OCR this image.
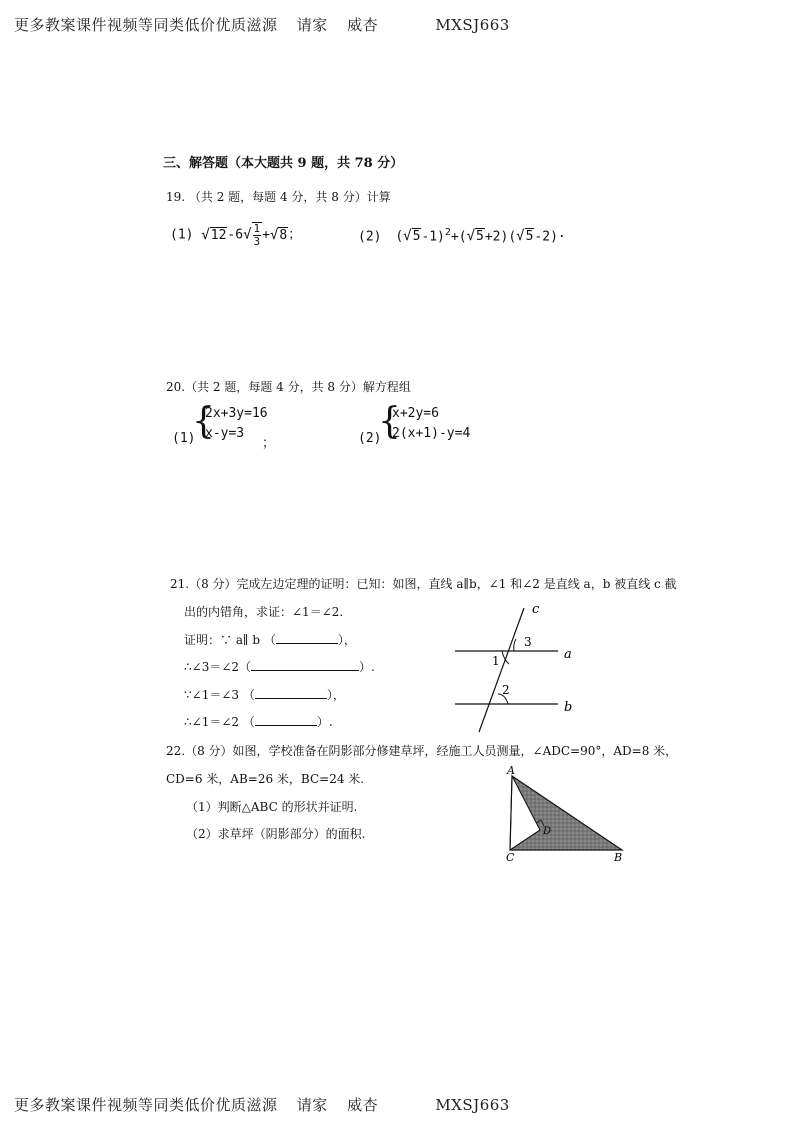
更多教案课件视频等同类低价优质滋源 请家 威杏	MXSJ663
三、解答题（本大题共 9 题，共 78 分）
19. （共 2 题，每题 4 分，共 8 分）计算
(1) $√12-6√ \frac{1}{3} +√8$；	(2) $(√5-1)^2+(√5+2)(√5-2)\cdot$
20.（共 2 题，每题 4 分，共 8 分）解方程组
(1)
{
2x+3y=16
x-y=3
；	(2)
{
x+2y=6
2(x+1)-y=4
21.（8 分）完成左边定理的证明：已知：如图，直线 a∥b，∠1 和∠2 是直线 a，b 被直线 c 截
出的内错角，求证：∠1＝∠2.
证明：∵ a∥ b （	），
∴∠3＝∠2（	）.
∵∠1＝∠3 （	），
∴∠1＝∠2 （	）.
c
a
b
1
3
2
22.（8 分）如图，学校准备在阴影部分修建草坪，经施工人员测量，∠ADC=90°，AD=8 米，
CD=6 米，AB=26 米，BC=24 米.
（1）判断△ABC 的形状并证明.
（2）求草坪（阴影部分）的面积.
A
B
C
D
更多教案课件视频等同类低价优质滋源 请家 威杏	MXSJ663
